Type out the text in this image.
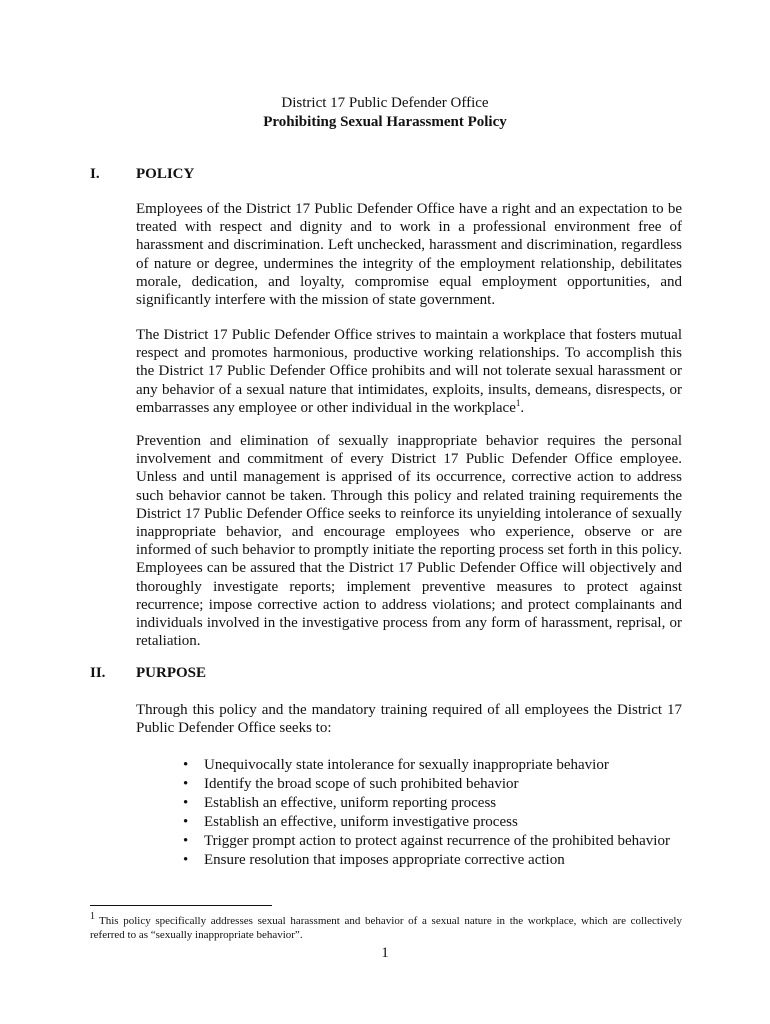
District 17 Public Defender Office
Prohibiting Sexual Harassment Policy
I. POLICY

Employees of the District 17 Public Defender Office have a right and an expectation to be treated with respect and dignity and to work in a professional environment free of harassment and discrimination. Left unchecked, harassment and discrimination, regardless of nature or degree, undermines the integrity of the employment relationship, debilitates morale, dedication, and loyalty, compromise equal employment opportunities, and significantly interfere with the mission of state government.

The District 17 Public Defender Office strives to maintain a workplace that fosters mutual respect and promotes harmonious, productive working relationships. To accomplish this the District 17 Public Defender Office prohibits and will not tolerate sexual harassment or any behavior of a sexual nature that intimidates, exploits, insults, demeans, disrespects, or embarrasses any employee or other individual in the workplace$^1$.

Prevention and elimination of sexually inappropriate behavior requires the personal involvement and commitment of every District 17 Public Defender Office employee. Unless and until management is apprised of its occurrence, corrective action to address such behavior cannot be taken. Through this policy and related training requirements the District 17 Public Defender Office seeks to reinforce its unyielding intolerance of sexually inappropriate behavior, and encourage employees who experience, observe or are informed of such behavior to promptly initiate the reporting process set forth in this policy. Employees can be assured that the District 17 Public Defender Office will objectively and thoroughly investigate reports; implement preventive measures to protect against recurrence; impose corrective action to address violations; and protect complainants and individuals involved in the investigative process from any form of harassment, reprisal, or retaliation.

II. PURPOSE

Through this policy and the mandatory training required of all employees the District 17 Public Defender Office seeks to:

• Unequivocally state intolerance for sexually inappropriate behavior
• Identify the broad scope of such prohibited behavior
• Establish an effective, uniform reporting process
• Establish an effective, uniform investigative process
• Trigger prompt action to protect against recurrence of the prohibited behavior
• Ensure resolution that imposes appropriate corrective action

1 This policy specifically addresses sexual harassment and behavior of a sexual nature in the workplace, which are collectively referred to as “sexually inappropriate behavior”.

1
